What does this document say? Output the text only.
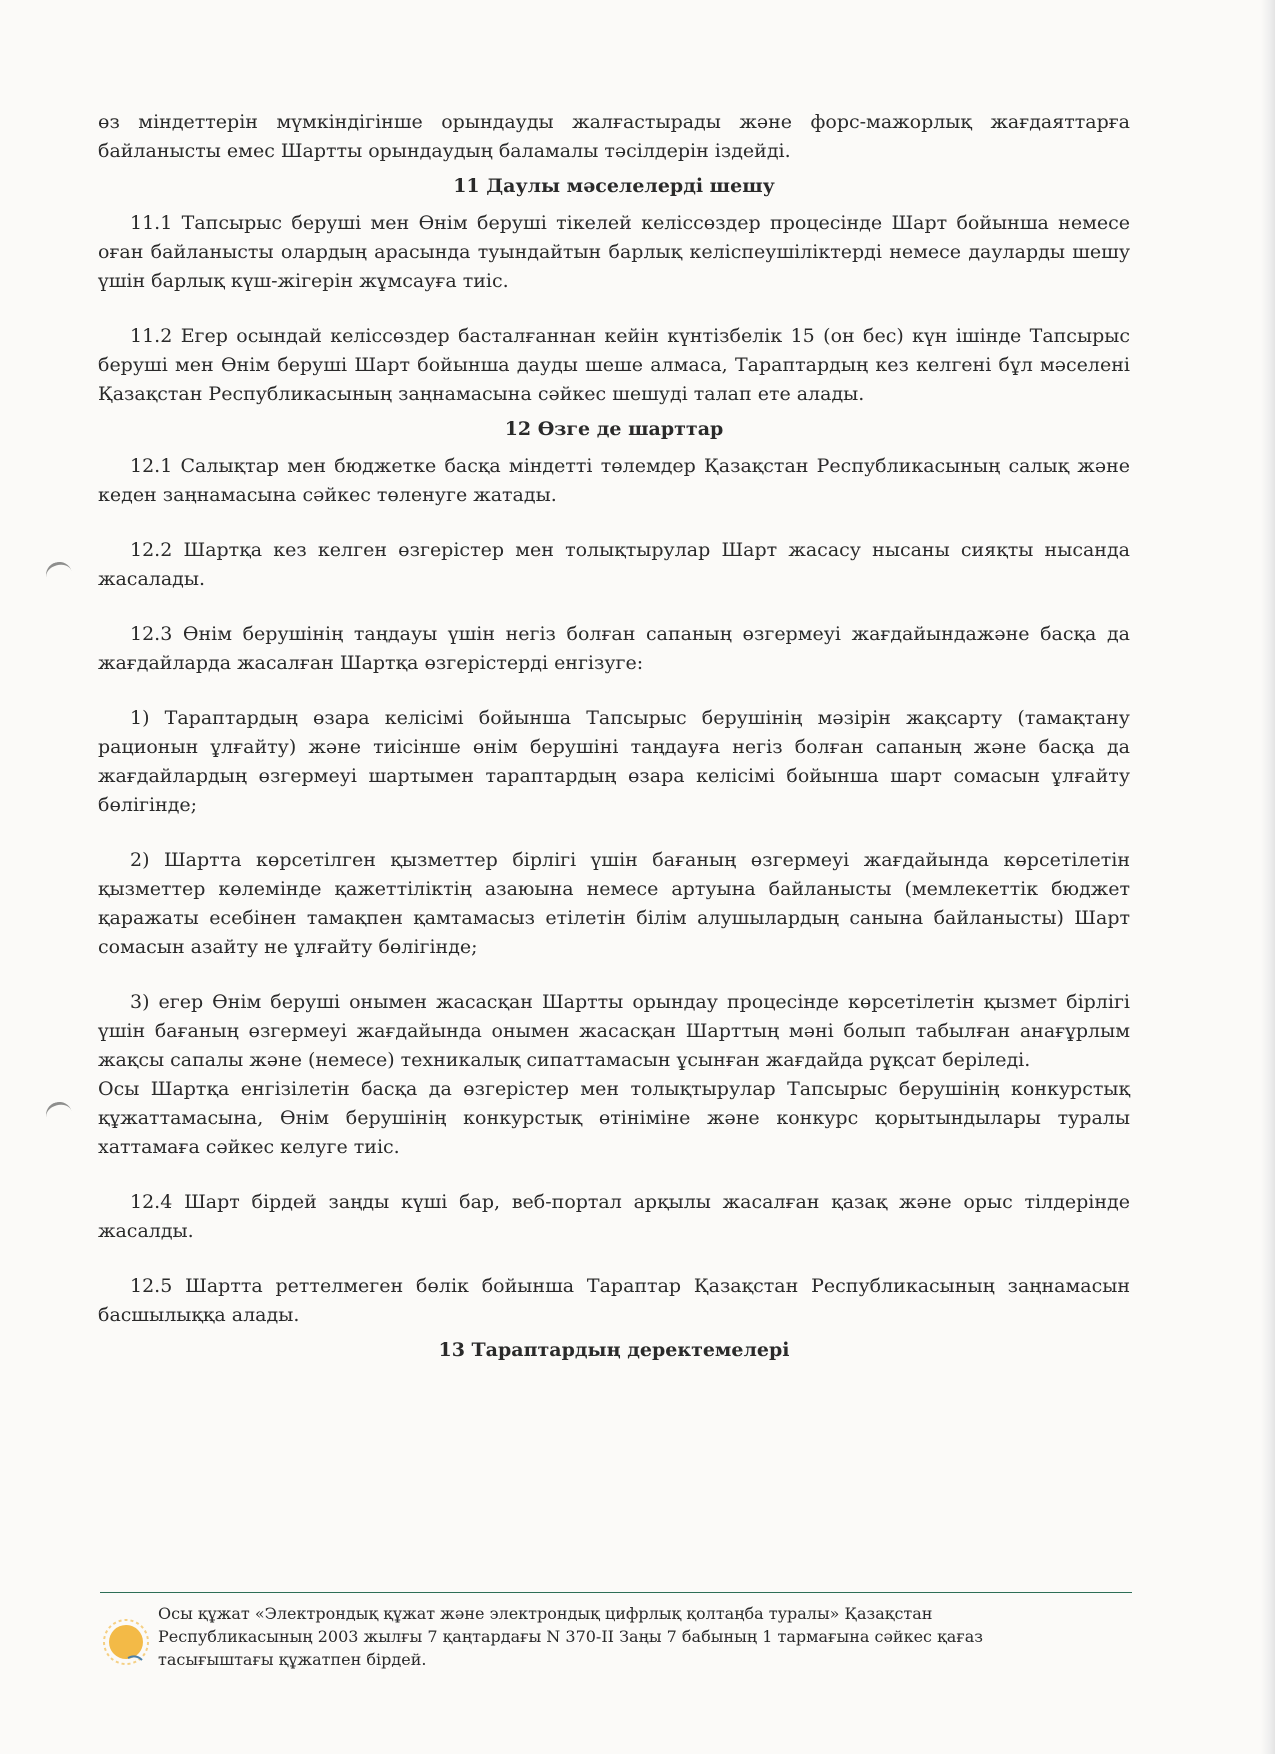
өз міндеттерін мүмкіндігінше орындауды жалғастырады және форс-мажорлық жағдаяттарға байланысты емес Шартты орындаудың баламалы тәсілдерін іздейді.

11 Даулы мәселелерді шешу

11.1 Тапсырыс беруші мен Өнім беруші тікелей келіссөздер процесінде Шарт бойынша немесе оған байланысты олардың арасында туындайтын барлық келіспеушіліктерді немесе дауларды шешу үшін барлық күш-жігерін жұмсауға тиіс.

11.2 Егер осындай келіссөздер басталғаннан кейін күнтізбелік 15 (он бес) күн ішінде Тапсырыс беруші мен Өнім беруші Шарт бойынша дауды шеше алмаса, Тараптардың кез келгені бұл мәселені Қазақстан Республикасының заңнамасына сәйкес шешуді талап ете алады.

12 Өзге де шарттар

12.1 Салықтар мен бюджетке басқа міндетті төлемдер Қазақстан Республикасының салық және кеден заңнамасына сәйкес төленуге жатады.

12.2 Шартқа кез келген өзгерістер мен толықтырулар Шарт жасасу нысаны сияқты нысанда жасалады.

12.3 Өнім берушінің таңдауы үшін негіз болған сапаның өзгермеуі жағдайындажәне басқа да жағдайларда жасалған Шартқа өзгерістерді енгізуге:

1) Тараптардың өзара келісімі бойынша Тапсырыс берушінің мәзірін жақсарту (тамақтану рационын ұлғайту) және тиісінше өнім берушіні таңдауға негіз болған сапаның және басқа да жағдайлардың өзгермеуі шартымен тараптардың өзара келісімі бойынша шарт сомасын ұлғайту бөлігінде;

2) Шартта көрсетілген қызметтер бірлігі үшін бағаның өзгермеуі жағдайында көрсетілетін қызметтер көлемінде қажеттіліктің азаюына немесе артуына байланысты (мемлекеттік бюджет қаражаты есебінен тамақпен қамтамасыз етілетін білім алушылардың санына байланысты) Шарт сомасын азайту не ұлғайту бөлігінде;

3) егер Өнім беруші онымен жасасқан Шартты орындау процесінде көрсетілетін қызмет бірлігі үшін бағаның өзгермеуі жағдайында онымен жасасқан Шарттың мәні болып табылған анағұрлым жақсы сапалы және (немесе) техникалық сипаттамасын ұсынған жағдайда рұқсат беріледі.

Осы Шартқа енгізілетін басқа да өзгерістер мен толықтырулар Тапсырыс берушінің конкурстық құжаттамасына, Өнім берушінің конкурстық өтініміне және конкурс қорытындылары туралы хаттамаға сәйкес келуге тиіс.

12.4 Шарт бірдей заңды күші бар, веб-портал арқылы жасалған қазақ және орыс тілдерінде жасалды.

12.5 Шартта реттелмеген бөлік бойынша Тараптар Қазақстан Республикасының заңнамасын басшылыққа алады.

13 Тараптардың деректемелері
Осы құжат «Электрондық құжат және электрондық цифрлық қолтаңба туралы» Қазақстан Республикасының 2003 жылғы 7 қаңтардағы N 370-II Заңы 7 бабының 1 тармағына сәйкес қағаз тасығыштағы құжатпен бірдей.
